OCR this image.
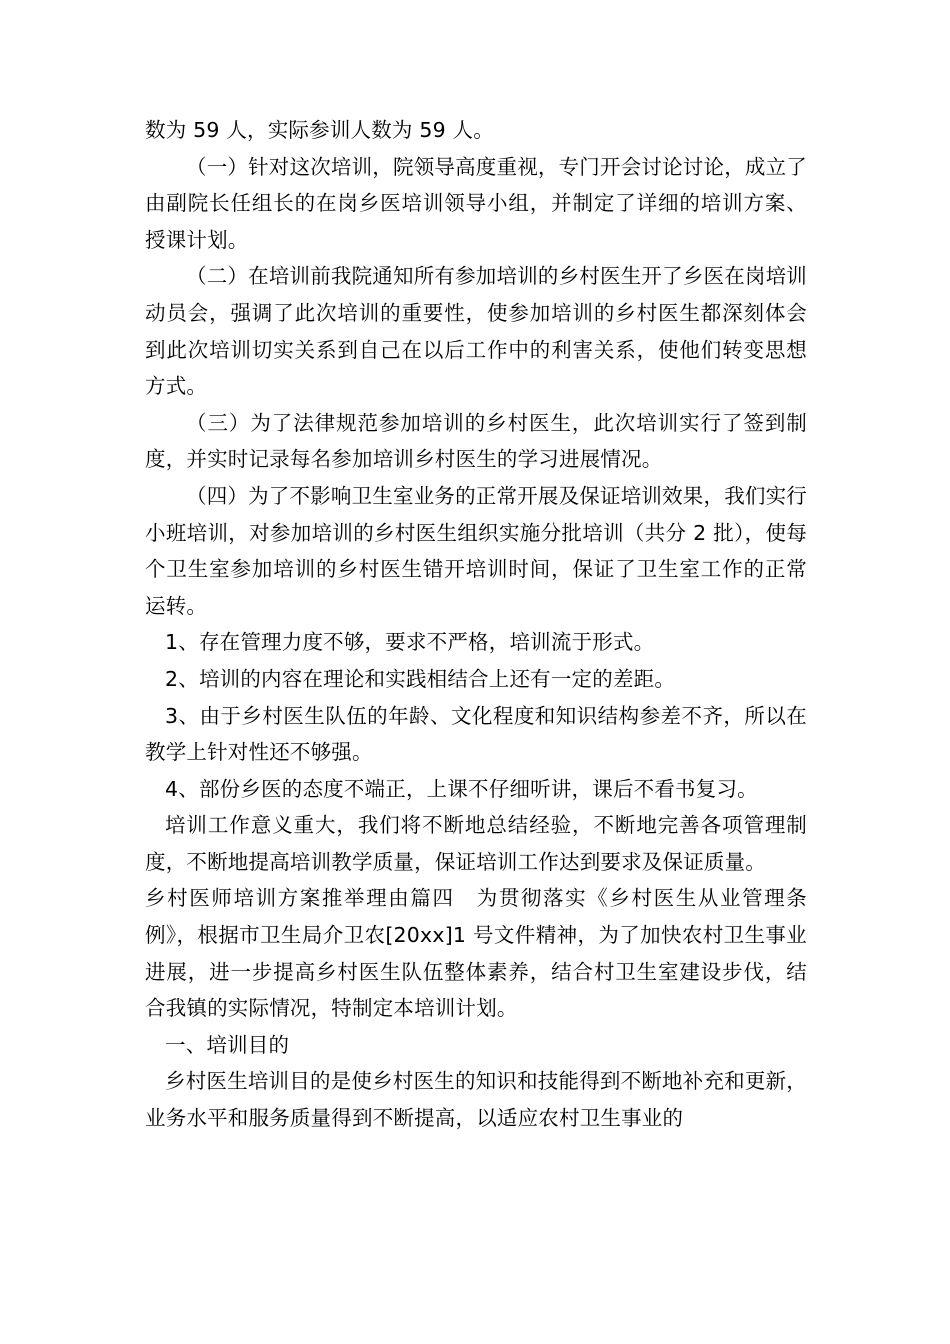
数为 59 人，实际参训人数为 59 人。

（一）针对这次培训，院领导高度重视，专门开会讨论讨论，成立了由副院长任组长的在岗乡医培训领导小组，并制定了详细的培训方案、授课计划。

（二）在培训前我院通知所有参加培训的乡村医生开了乡医在岗培训动员会，强调了此次培训的重要性，使参加培训的乡村医生都深刻体会到此次培训切实关系到自己在以后工作中的利害关系，使他们转变思想方式。

（三）为了法律规范参加培训的乡村医生，此次培训实行了签到制度，并实时记录每名参加培训乡村医生的学习进展情况。

（四）为了不影响卫生室业务的正常开展及保证培训效果，我们实行小班培训，对参加培训的乡村医生组织实施分批培训（共分 2 批），使每个卫生室参加培训的乡村医生错开培训时间，保证了卫生室工作的正常运转。

1、存在管理力度不够，要求不严格，培训流于形式。

2、培训的内容在理论和实践相结合上还有一定的差距。

3、由于乡村医生队伍的年龄、文化程度和知识结构参差不齐，所以在教学上针对性还不够强。

4、部份乡医的态度不端正，上课不仔细听讲，课后不看书复习。

培训工作意义重大，我们将不断地总结经验，不断地完善各项管理制度，不断地提高培训教学质量，保证培训工作达到要求及保证质量。

乡村医师培训方案推举理由篇四　为贯彻落实《乡村医生从业管理条例》，根据市卫生局介卫农[20xx]1 号文件精神，为了加快农村卫生事业进展，进一步提高乡村医生队伍整体素养，结合村卫生室建设步伐，结合我镇的实际情况，特制定本培训计划。

一、培训目的

乡村医生培训目的是使乡村医生的知识和技能得到不断地补充和更新，业务水平和服务质量得到不断提高，以适应农村卫生事业的
